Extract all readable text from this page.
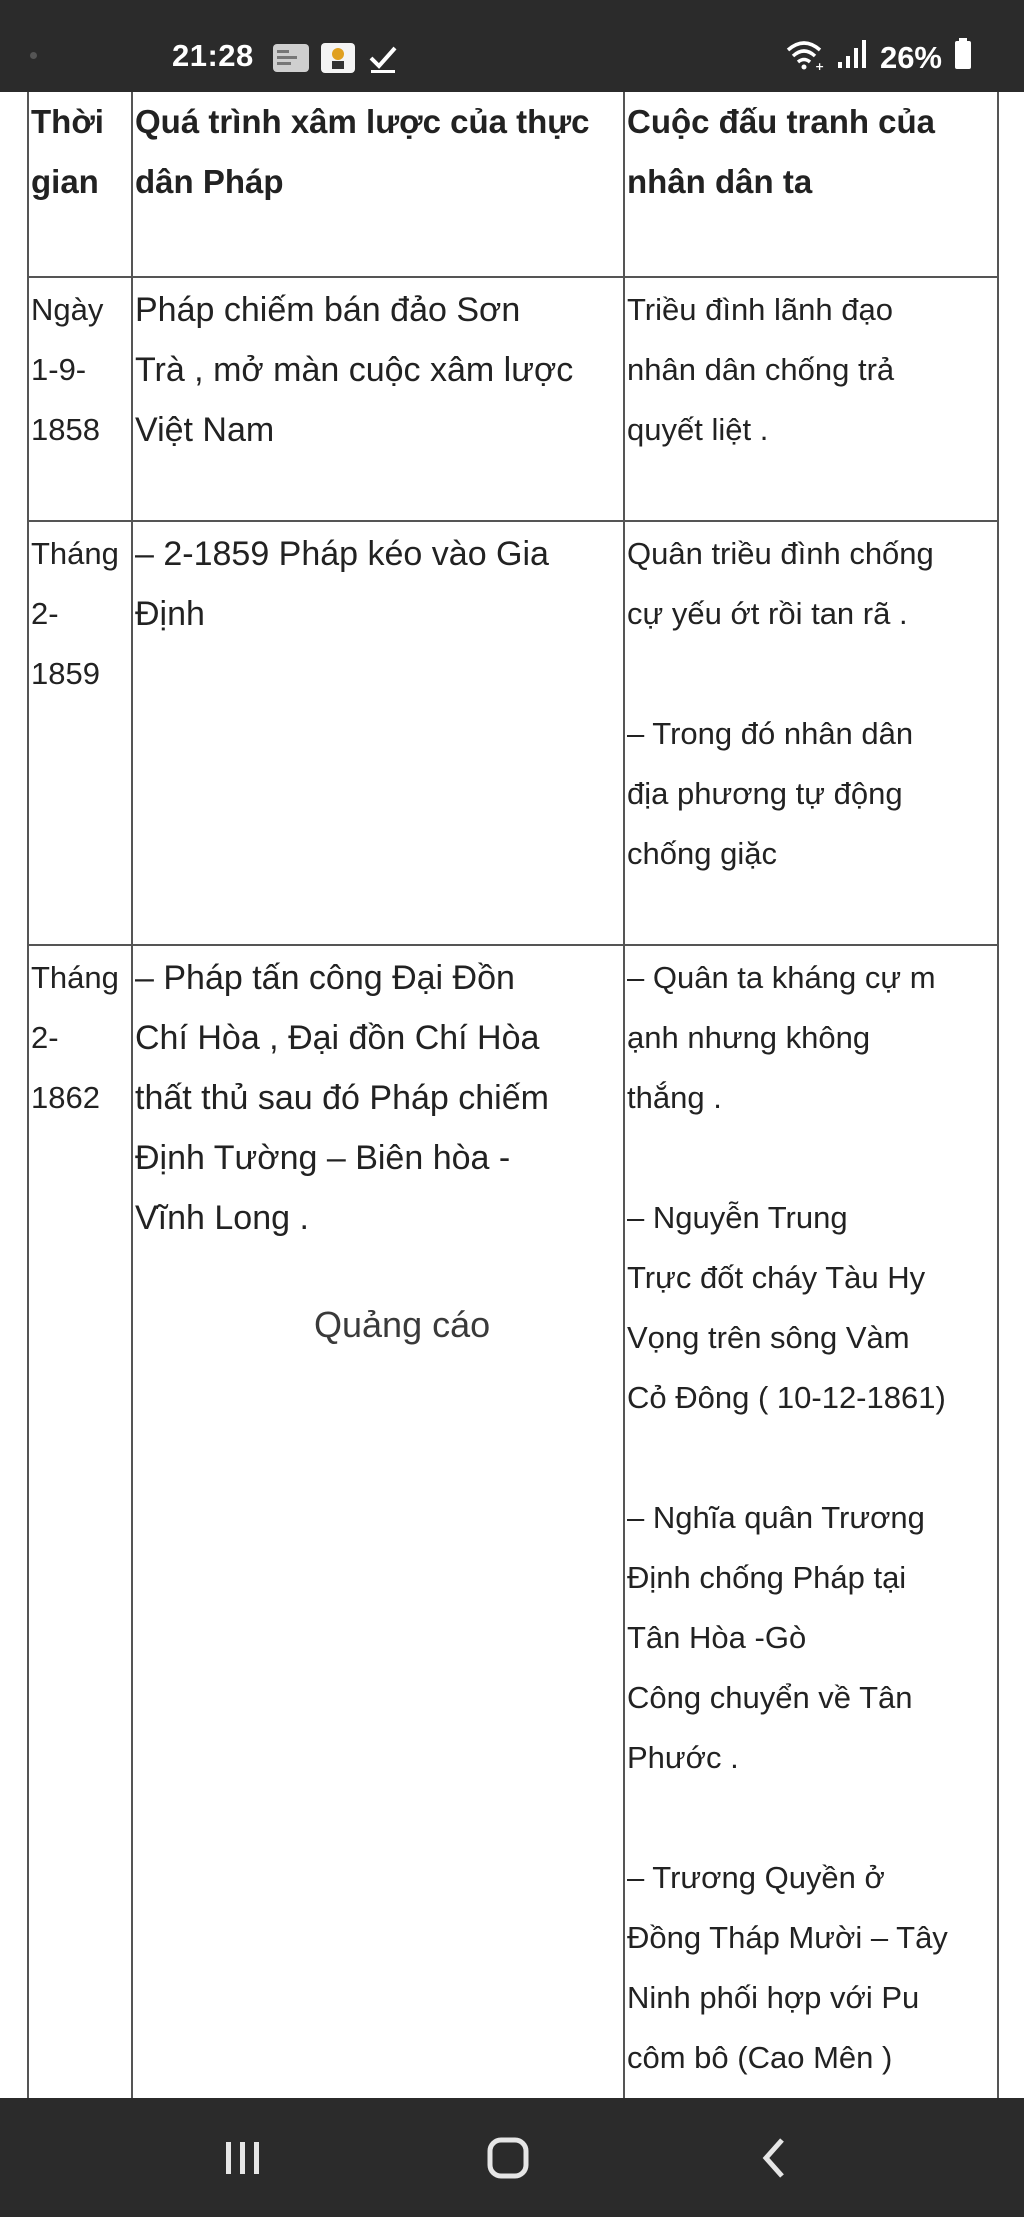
21:28	+ 26%
Thời
gian
Quá trình xâm lược của thực
dân Pháp
Cuộc đấu tranh của
nhân dân ta
Ngày
1-9-
1858
Pháp chiếm bán đảo Sơn
Trà , mở màn cuộc xâm lược
Việt Nam
Triều đình lãnh đạo
nhân dân chống trả
quyết liệt .
Tháng
2-
1859
– 2-1859 Pháp kéo vào Gia
Định
Quân triều đình chống
cự yếu ớt rồi tan rã .
– Trong đó nhân dân
địa phương tự động
chống giặc
Tháng
2-
1862
– Pháp tấn công Đại Đồn
Chí Hòa , Đại đồn Chí Hòa
thất thủ sau đó Pháp chiếm
Định Tường – Biên hòa -
Vĩnh Long .
Quảng cáo
– Quân ta kháng cự m
ạnh nhưng không
thắng .
– Nguyễn Trung
Trực đốt cháy Tàu Hy
Vọng trên sông Vàm
Cỏ Đông ( 10-12-1861)
– Nghĩa quân Trương
Định chống Pháp tại
Tân Hòa -Gò
Công chuyển về Tân
Phước .
– Trương Quyền ở
Đồng Tháp Mười – Tây
Ninh phối hợp với Pu
côm bô (Cao Mên )
